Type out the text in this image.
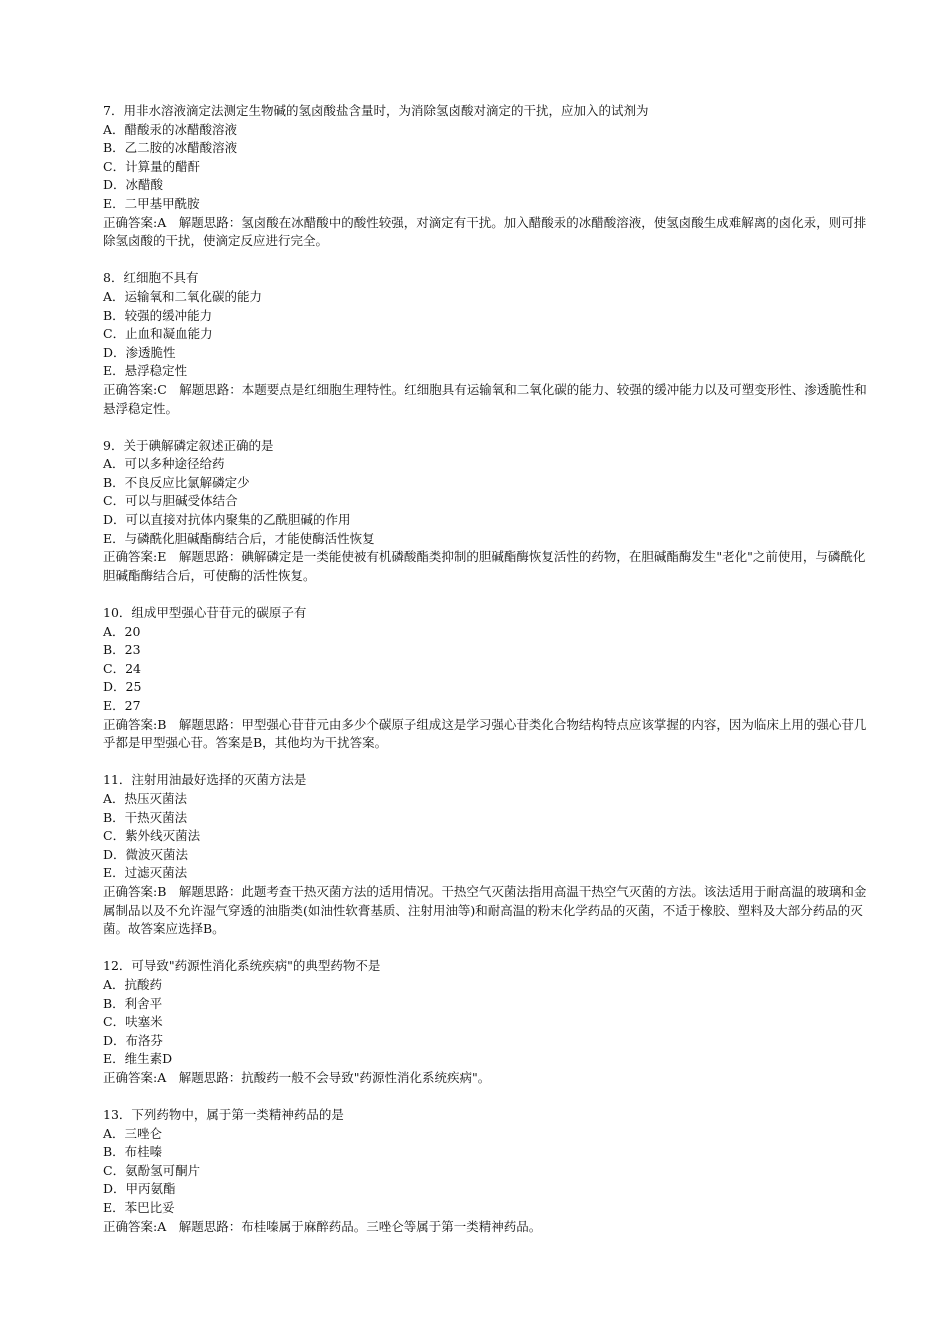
7．用非水溶液滴定法测定生物碱的氢卤酸盐含量时，为消除氢卤酸对滴定的干扰，应加入的试剂为
A．醋酸汞的冰醋酸溶液
B．乙二胺的冰醋酸溶液
C．计算量的醋酐
D．冰醋酸
E．二甲基甲酰胺
正确答案:A　解题思路：氢卤酸在冰醋酸中的酸性较强，对滴定有干扰。加入醋酸汞的冰醋酸溶液，使氢卤酸生成难解离的卤化汞，则可排除氢卤酸的干扰，使滴定反应进行完全。
8．红细胞不具有
A．运输氧和二氧化碳的能力
B．较强的缓冲能力
C．止血和凝血能力
D．渗透脆性
E．悬浮稳定性
正确答案:C　解题思路：本题要点是红细胞生理特性。红细胞具有运输氧和二氧化碳的能力、较强的缓冲能力以及可塑变形性、渗透脆性和悬浮稳定性。
9．关于碘解磷定叙述正确的是
A．可以多种途径给药
B．不良反应比氯解磷定少
C．可以与胆碱受体结合
D．可以直接对抗体内聚集的乙酰胆碱的作用
E．与磷酰化胆碱酯酶结合后，才能使酶活性恢复
正确答案:E　解题思路：碘解磷定是一类能使被有机磷酸酯类抑制的胆碱酯酶恢复活性的药物，在胆碱酯酶发生"老化"之前使用，与磷酰化胆碱酯酶结合后，可使酶的活性恢复。
10．组成甲型强心苷苷元的碳原子有
A．20
B．23
C．24
D．25
E．27
正确答案:B　解题思路：甲型强心苷苷元由多少个碳原子组成这是学习强心苷类化合物结构特点应该掌握的内容，因为临床上用的强心苷几乎都是甲型强心苷。答案是B，其他均为干扰答案。
11．注射用油最好选择的灭菌方法是
A．热压灭菌法
B．干热灭菌法
C．紫外线灭菌法
D．微波灭菌法
E．过滤灭菌法
正确答案:B　解题思路：此题考查干热灭菌方法的适用情况。干热空气灭菌法指用高温干热空气灭菌的方法。该法适用于耐高温的玻璃和金属制品以及不允许湿气穿透的油脂类(如油性软膏基质、注射用油等)和耐高温的粉末化学药品的灭菌，不适于橡胶、塑料及大部分药品的灭菌。故答案应选择B。
12．可导致"药源性消化系统疾病"的典型药物不是
A．抗酸药
B．利舍平
C．呋塞米
D．布洛芬
E．维生素D
正确答案:A　解题思路：抗酸药一般不会导致"药源性消化系统疾病"。
13．下列药物中，属于第一类精神药品的是
A．三唑仑
B．布桂嗪
C．氨酚氢可酮片
D．甲丙氨酯
E．苯巴比妥
正确答案:A　解题思路：布桂嗪属于麻醉药品。三唑仑等属于第一类精神药品。
